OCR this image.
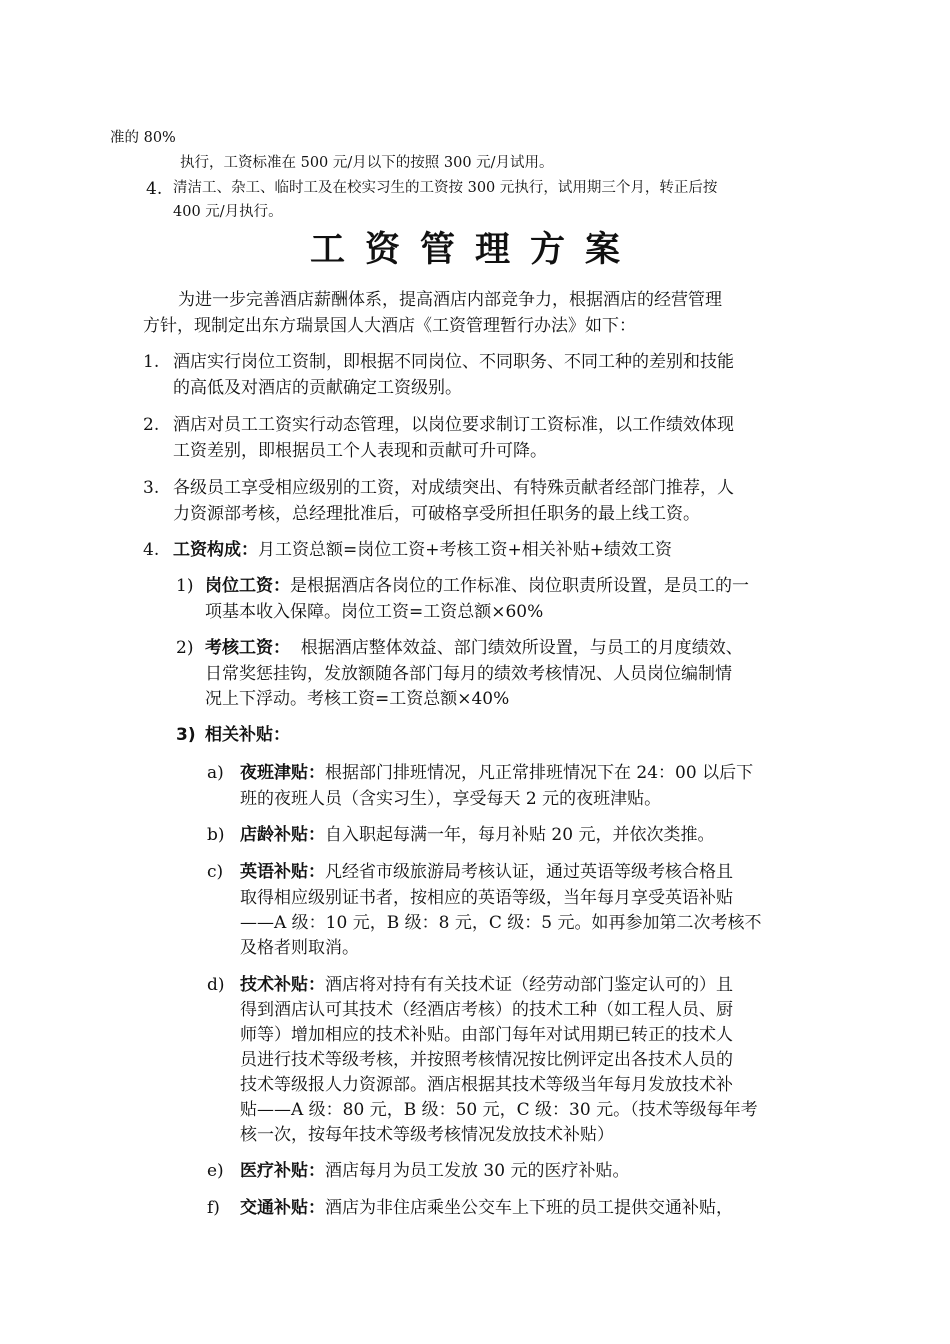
准的 80%
执行，工资标准在 500 元/月以下的按照 300 元/月试用。
4. 清洁工、杂工、临时工及在校实习生的工资按 300 元执行，试用期三个月，转正后按
400 元/月执行。
工资管理方案
为进一步完善酒店薪酬体系，提高酒店内部竞争力，根据酒店的经营管理
方针，现制定出东方瑞景国人大酒店《工资管理暂行办法》如下：
1. 酒店实行岗位工资制，即根据不同岗位、不同职务、不同工种的差别和技能
的高低及对酒店的贡献确定工资级别。
2. 酒店对员工工资实行动态管理，以岗位要求制订工资标准，以工作绩效体现
工资差别，即根据员工个人表现和贡献可升可降。
3. 各级员工享受相应级别的工资，对成绩突出、有特殊贡献者经部门推荐，人
力资源部考核，总经理批准后，可破格享受所担任职务的最上线工资。
4. 工资构成：月工资总额=岗位工资+考核工资+相关补贴+绩效工资
1) 岗位工资：是根据酒店各岗位的工作标准、岗位职责所设置，是员工的一
项基本收入保障。岗位工资=工资总额×60%
2) 考核工资：  根据酒店整体效益、部门绩效所设置，与员工的月度绩效、
日常奖惩挂钩，发放额随各部门每月的绩效考核情况、人员岗位编制情
况上下浮动。考核工资=工资总额×40%
3) 相关补贴：
a) 夜班津贴：根据部门排班情况，凡正常排班情况下在 24：00 以后下
班的夜班人员（含实习生），享受每天 2 元的夜班津贴。
b) 店龄补贴：自入职起每满一年，每月补贴 20 元，并依次类推。
c) 英语补贴：凡经省市级旅游局考核认证，通过英语等级考核合格且
取得相应级别证书者，按相应的英语等级，当年每月享受英语补贴
——A 级：10 元，B 级：8 元，C 级：5 元。如再参加第二次考核不
及格者则取消。
d) 技术补贴：酒店将对持有有关技术证（经劳动部门鉴定认可的）且
得到酒店认可其技术（经酒店考核）的技术工种（如工程人员、厨
师等）增加相应的技术补贴。由部门每年对试用期已转正的技术人
员进行技术等级考核，并按照考核情况按比例评定出各技术人员的
技术等级报人力资源部。酒店根据其技术等级当年每月发放技术补
贴——A 级：80 元，B 级：50 元，C 级：30 元。（技术等级每年考
核一次，按每年技术等级考核情况发放技术补贴）
e) 医疗补贴：酒店每月为员工发放 30 元的医疗补贴。
f) 交通补贴：酒店为非住店乘坐公交车上下班的员工提供交通补贴，
